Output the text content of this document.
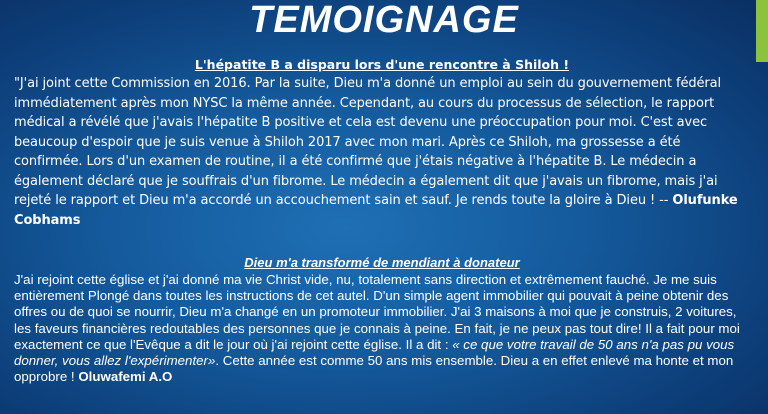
TEMOIGNAGE
L'hépatite B a disparu lors d'une rencontre à Shiloh !
"J'ai joint cette Commission en 2016. Par la suite, Dieu m'a donné un emploi au sein du gouvernement fédéral immédiatement après mon NYSC la même année. Cependant, au cours du processus de sélection, le rapport médical a révélé que j'avais l'hépatite B positive et cela est devenu une préoccupation pour moi. C'est avec beaucoup d'espoir que je suis venue à Shiloh 2017 avec mon mari. Après ce Shiloh, ma grossesse a été confirmée. Lors d'un examen de routine, il a été confirmé que j'étais négative à l'hépatite B. Le médecin a également déclaré que je souffrais d'un fibrome. Le médecin a également dit que j'avais un fibrome, mais j'ai rejeté le rapport et Dieu m'a accordé un accouchement sain et sauf. Je rends toute la gloire à Dieu ! -- Olufunke Cobhams
Dieu m'a transformé de mendiant à donateur
J'ai rejoint cette église et j'ai donné ma vie Christ vide, nu, totalement sans direction et extrêmement fauché. Je me suis entièrement Plongé dans toutes les instructions de cet autel. D'un simple agent immobilier qui pouvait à peine obtenir des offres ou de quoi se nourrir, Dieu m'a changé en un promoteur immobilier. J'ai 3 maisons à moi que je construis, 2 voitures, les faveurs financières redoutables des personnes que je connais à peine. En fait, je ne peux pas tout dire! Il a fait pour moi exactement ce que l'Evêque a dit le jour où j'ai rejoint cette église. Il a dit : « ce que votre travail de 50 ans n'a pas pu vous donner, vous allez l'expérimenter». Cette année est comme 50 ans mis ensemble. Dieu a en effet enlevé ma honte et mon opprobre ! Oluwafemi A.O
